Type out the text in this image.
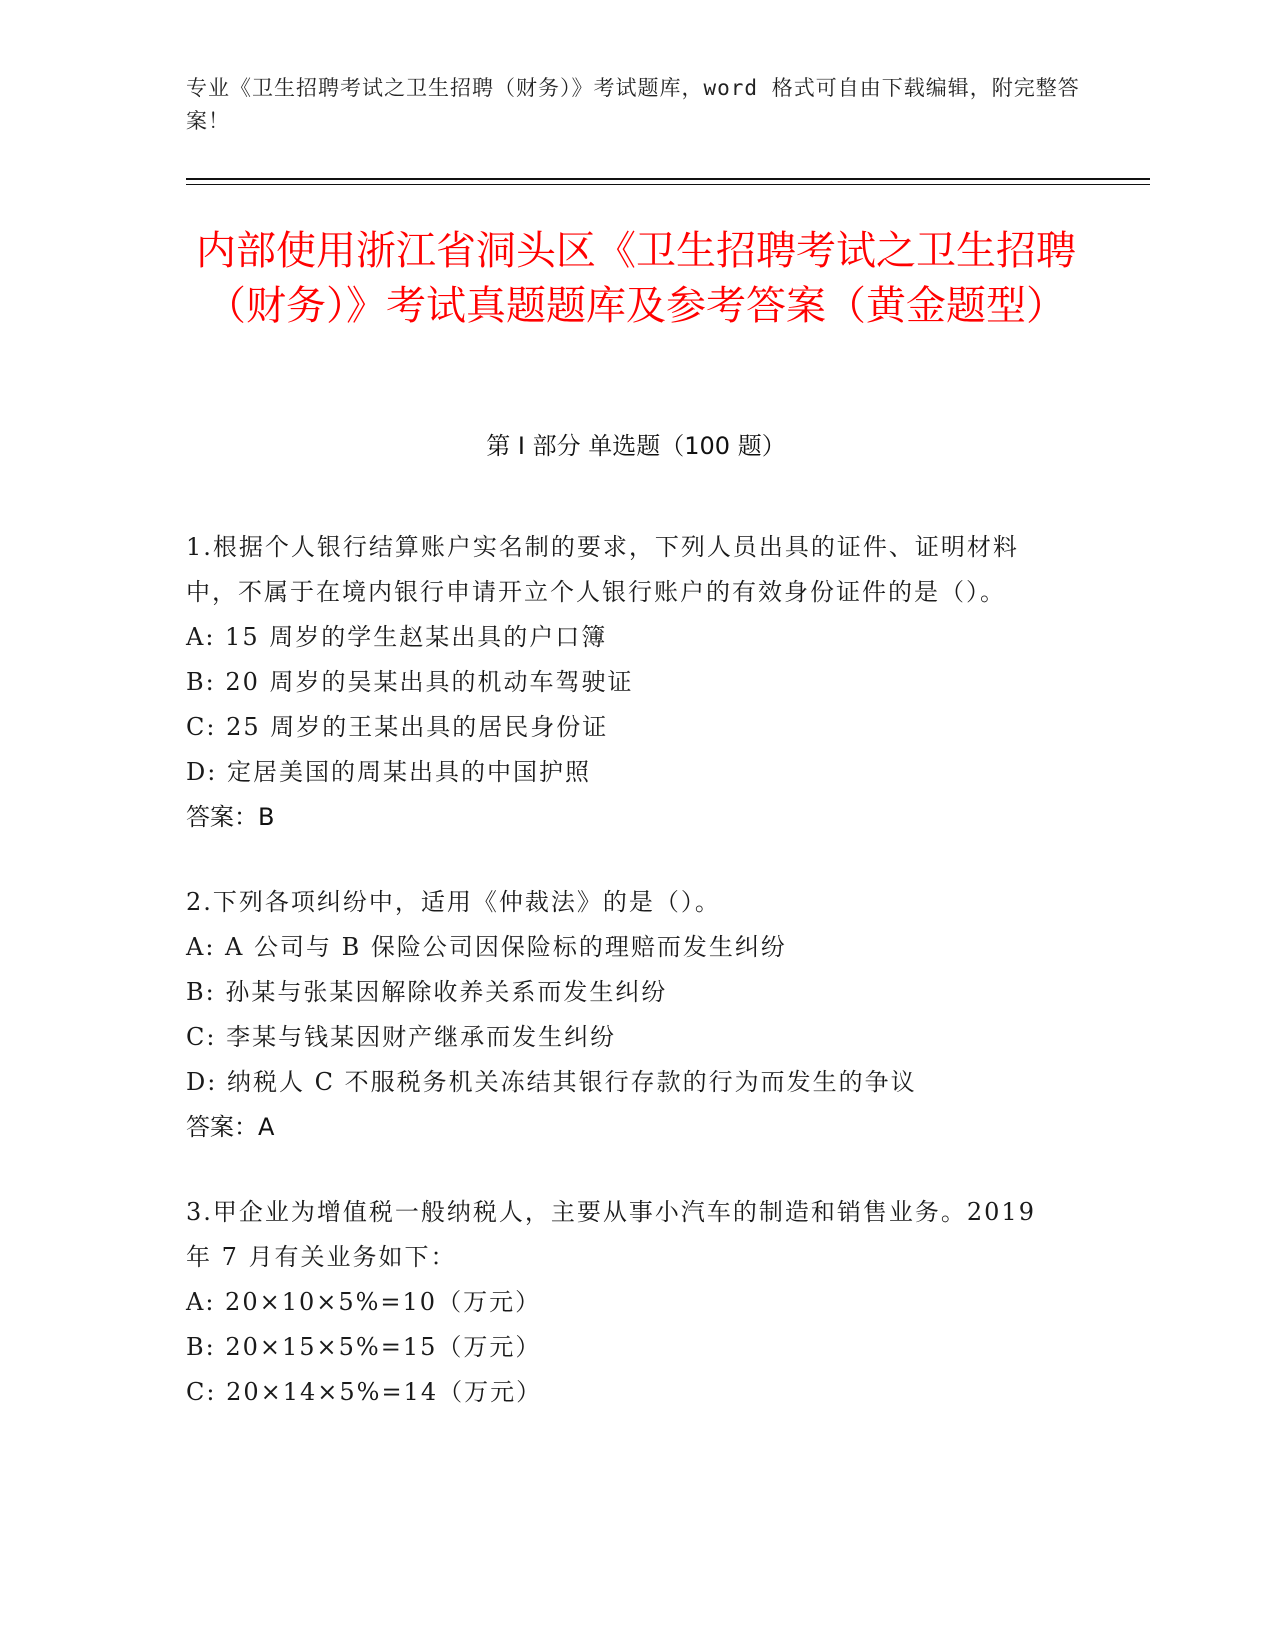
专业《卫生招聘考试之卫生招聘（财务）》考试题库，word 格式可自由下载编辑，附完整答案！
内部使用浙江省洞头区《卫生招聘考试之卫生招聘（财务）》考试真题题库及参考答案（黄金题型）
第 I 部分 单选题（100 题）
1.根据个人银行结算账户实名制的要求，下列人员出具的证件、证明材料中，不属于在境内银行申请开立个人银行账户的有效身份证件的是（）。
A: 15 周岁的学生赵某出具的户口簿
B: 20 周岁的吴某出具的机动车驾驶证
C: 25 周岁的王某出具的居民身份证
D: 定居美国的周某出具的中国护照
答案：B
2.下列各项纠纷中，适用《仲裁法》的是（）。
A: A 公司与 B 保险公司因保险标的理赔而发生纠纷
B: 孙某与张某因解除收养关系而发生纠纷
C: 李某与钱某因财产继承而发生纠纷
D: 纳税人 C 不服税务机关冻结其银行存款的行为而发生的争议
答案：A
3.甲企业为增值税一般纳税人，主要从事小汽车的制造和销售业务。2019 年 7 月有关业务如下：
A: 20×10×5%=10（万元）
B: 20×15×5%=15（万元）
C: 20×14×5%=14（万元）
